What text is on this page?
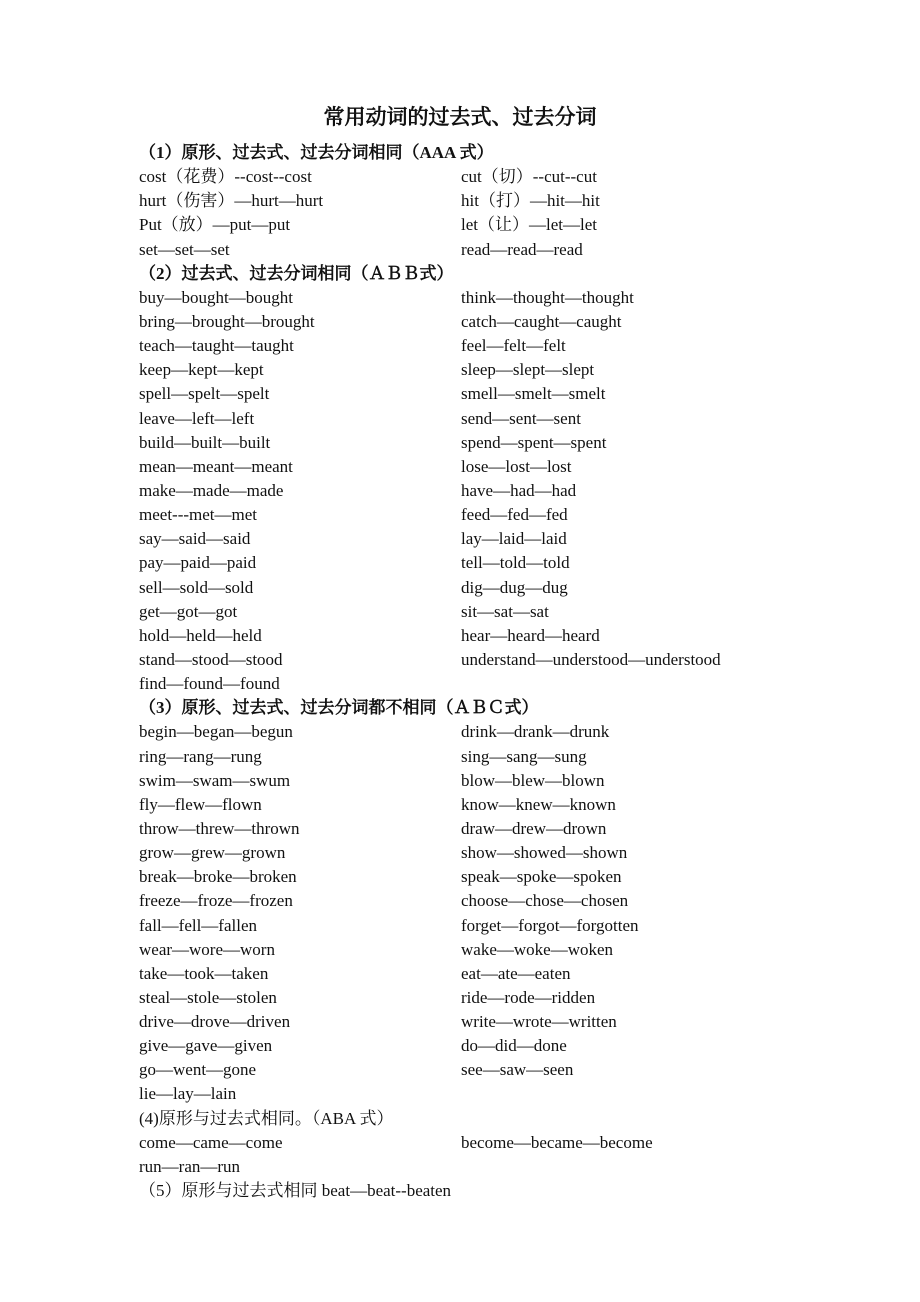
常用动词的过去式、过去分词
（1）原形、过去式、过去分词相同（AAA 式）
cost（花费）--cost--cost	cut（切）--cut--cut
hurt（伤害）—hurt—hurt	hit（打）—hit—hit
Put（放）—put—put	let（让）—let—let
set—set—set	read—read—read
（2）过去式、过去分词相同（ＡＢＢ式）
buy—bought—bought	think—thought—thought
bring—brought—brought	catch—caught—caught
teach—taught—taught	feel—felt—felt
keep—kept—kept	sleep—slept—slept
spell—spelt—spelt	smell—smelt—smelt
leave—left—left	send—sent—sent
build—built—built	spend—spent—spent
mean—meant—meant	lose—lost—lost
make—made—made	have—had—had
meet---met—met	feed—fed—fed
say—said—said	lay—laid—laid
pay—paid—paid	tell—told—told
sell—sold—sold	dig—dug—dug
get—got—got	sit—sat—sat
hold—held—held	hear—heard—heard
stand—stood—stood	understand—understood—understood
find—found—found
（3）原形、过去式、过去分词都不相同（ＡＢＣ式）
begin—began—begun	drink—drank—drunk
ring—rang—rung	sing—sang—sung
swim—swam—swum	blow—blew—blown
fly—flew—flown	know—knew—known
throw—threw—thrown	draw—drew—drown
grow—grew—grown	show—showed—shown
break—broke—broken	speak—spoke—spoken
freeze—froze—frozen	choose—chose—chosen
fall—fell—fallen	forget—forgot—forgotten
wear—wore—worn	wake—woke—woken
take—took—taken	eat—ate—eaten
steal—stole—stolen	ride—rode—ridden
drive—drove—driven	write—wrote—written
give—gave—given	do—did—done
go—went—gone	see—saw—seen
lie—lay—lain
(4)原形与过去式相同。（ABA 式）
come—came—come	become—became—become
run—ran—run
（5）原形与过去式相同 beat—beat--beaten
